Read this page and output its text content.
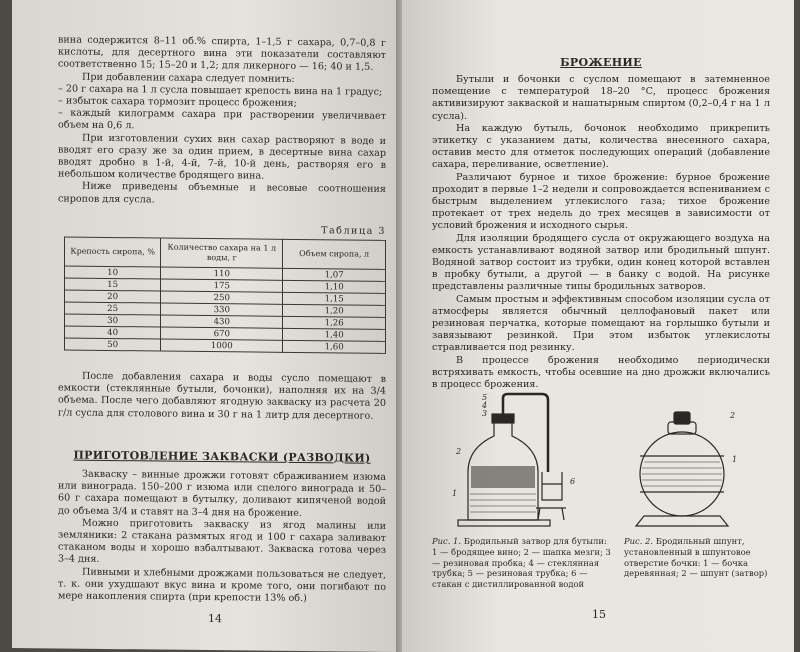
вина содержится 8–11 об.% спирта, 1–1,5 г сахара, 0,7–0,8 г кислоты, для десертного вина эти показатели составляют соответственно 15; 15–20 и 1,2; для ликерного — 16; 40 и 1,5.

При добавлении сахара следует помнить:

– 20 г сахара на 1 л сусла повышает крепость вина на 1 градус;

– избыток сахара тормозит процесс брожения;

– каждый килограмм сахара при растворении увеличивает объем на 0,6 л.

При изготовлении сухих вин сахар растворяют в воде и вводят его сразу же за один прием, в десертные вина сахар вводят дробно в 1-й, 4-й, 7-й, 10-й день, растворяя его в небольшом количестве бродящего вина.

Ниже приведены объемные и весовые соотношения сиропов для сусла.

Таблица 3
Крепость сиропа, %	Количество сахара на 1 л воды, г	Объем сиропа, л
10	110	1,07
15	175	1,10
20	250	1,15
25	330	1,20
30	430	1,26
40	670	1,40
50	1000	1,60

После добавления сахара и воды сусло помещают в емкости (стеклянные бутыли, бочонки), наполняя их на 3/4 объема. После чего добавляют ягодную закваску из расчета 20 г/л сусла для столового вина и 30 г на 1 литр для десертного.

ПРИГОТОВЛЕНИЕ ЗАКВАСКИ (РАЗВОДКИ)

Закваску – винные дрожжи готовят сбраживанием изюма или винограда. 150–200 г изюма или спелого винограда и 50–60 г сахара помещают в бутылку, доливают кипяченой водой до объема 3/4 и ставят на 3–4 дня на брожение.

Можно приготовить закваску из ягод малины или земляники: 2 стакана размятых ягод и 100 г сахара заливают стаканом воды и хорошо взбалтывают. Закваска готова через 3–4 дня.

Пивными и хлебными дрожжами пользоваться не следует, т. к. они ухудшают вкус вина и кроме того, они погибают по мере накопления спирта (при крепости 13% об.)

14
БРОЖЕНИЕ

Бутыли и бочонки с суслом помещают в затемненное помещение с температурой 18–20 °С, процесс брожения активизируют закваской и нашатырным спиртом (0,2–0,4 г на 1 л сусла).

На каждую бутыль, бочонок необходимо прикрепить этикетку с указанием даты, количества внесенного сахара, оставив место для отметок последующих операций (добавление сахара, переливание, осветление).

Различают бурное и тихое брожение: бурное брожение проходит в первые 1–2 недели и сопровождается вспениванием с быстрым выделением углекислого газа; тихое брожение протекает от трех недель до трех месяцев в зависимости от условий брожения и исходного сырья.

Для изоляции бродящего сусла от окружающего воздуха на емкость устанавливают водяной затвор или бродильный шпунт. Водяной затвор состоит из трубки, один конец которой вставлен в пробку бутыли, а другой — в банку с водой. На рисунке представлены различные типы бродильных затворов.

Самым простым и эффективным способом изоляции сусла от атмосферы является обычный целлофановый пакет или резиновая перчатка, которые помещают на горлышко бутыли и завязывают резинкой. При этом избыток углекислоты стравливается под резинку.

В процессе брожения необходимо периодически встряхивать емкость, чтобы осевшие на дно дрожжи включались в процесс брожения.

5
4
3
2
1
6
2
1
Рис. 1. Бродильный затвор для бутыли: 1 — бродящее вино; 2 — шапка мезги; 3 — резиновая пробка; 4 — стеклянная трубка; 5 — резиновая трубка; 6 — стакан с дистиллированной водой
Рис. 2. Бродильный шпунт, установленный в шпунтовое отверстие бочки: 1 — бочка деревянная; 2 — шпунт (затвор)
15
